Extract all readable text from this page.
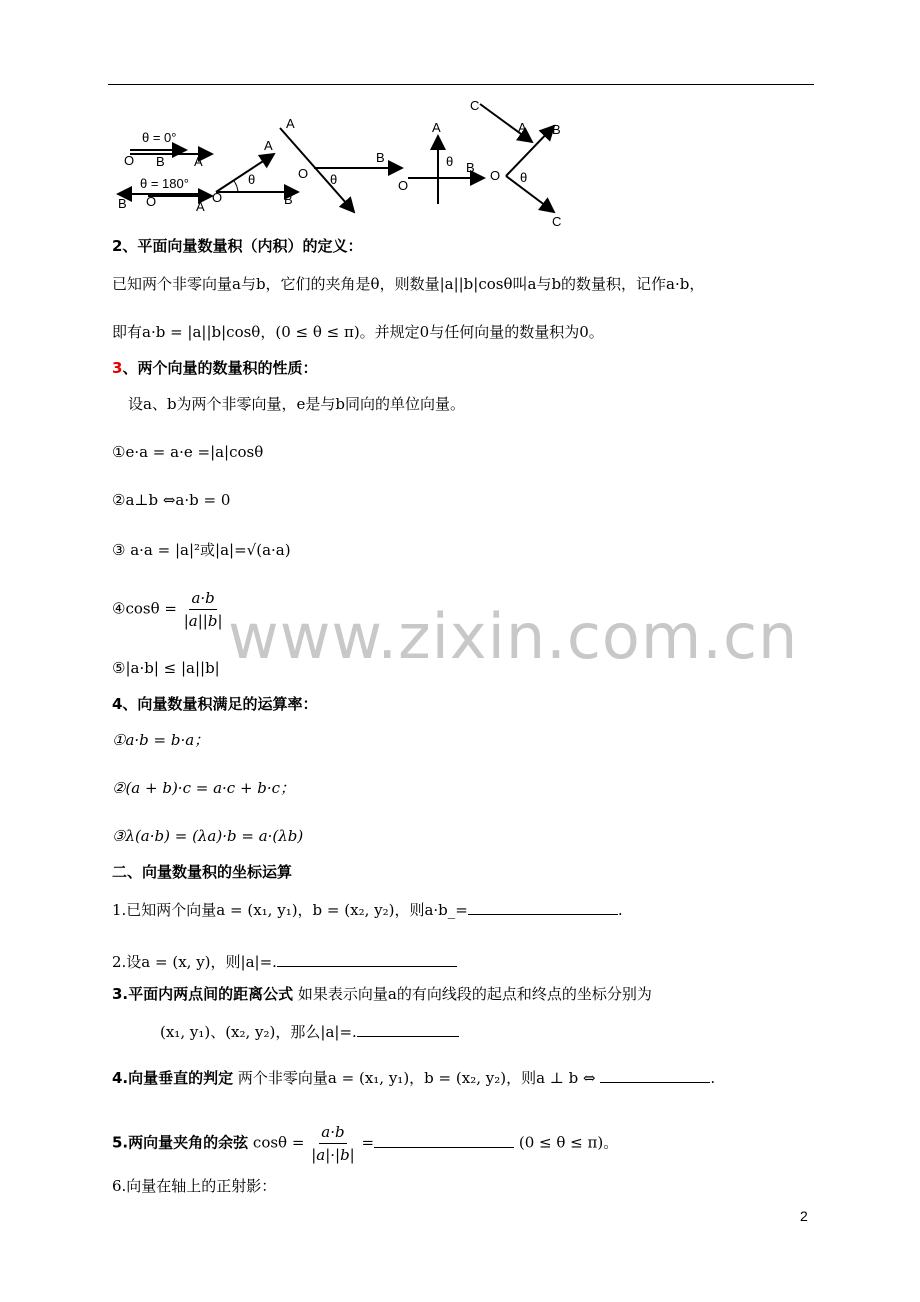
θ = 0°
O B A
θ = 180°
B O	A
O
A
B
θ
A
O
B
θ
A
O
B
θ
C
A
O
B
C
θ
2、平面向量数量积（内积）的定义：
已知两个非零向量a与b，它们的夹角是θ，则数量|a||b|cosθ叫a与b的数量积，记作a·b，
即有a·b = |a||b|cosθ，(0 ≤ θ ≤ π)。并规定0与任何向量的数量积为0。
3、两个向量的数量积的性质：
设a、b为两个非零向量，e是与b同向的单位向量。
①e·a = a·e =|a|cosθ
②a⊥b ⇔a·b = 0
③ a·a = |a|²或|a|=√(a·a)
④cosθ = $\frac{a\cdot b}{|a||b|}$
⑤|a·b| ≤ |a||b|
4、向量数量积满足的运算率：
①a·b = b·a；
②(a + b)·c = a·c + b·c；
③λ(a·b) = (λa)·b = a·(λb)
二、向量数量积的坐标运算
1.已知两个向量a = (x₁, y₁)，b = (x₂, y₂)，则a·b_=	.
2.设a = (x, y)，则|a|=.
3.平面内两点间的距离公式 如果表示向量a的有向线段的起点和终点的坐标分别为
(x₁, y₁)、(x₂, y₂)，那么|a|=.
4.向量垂直的判定 两个非零向量a = (x₁, y₁)，b = (x₂, y₂)，则a ⊥ b ⇔	.
5.两向量夹角的余弦 $\cos\theta = \frac{a\cdot b}{|a|\cdot|b|}$ =	(0 ≤ θ ≤ π)。
6.向量在轴上的正射影：
www.zixin.com.cn
2
